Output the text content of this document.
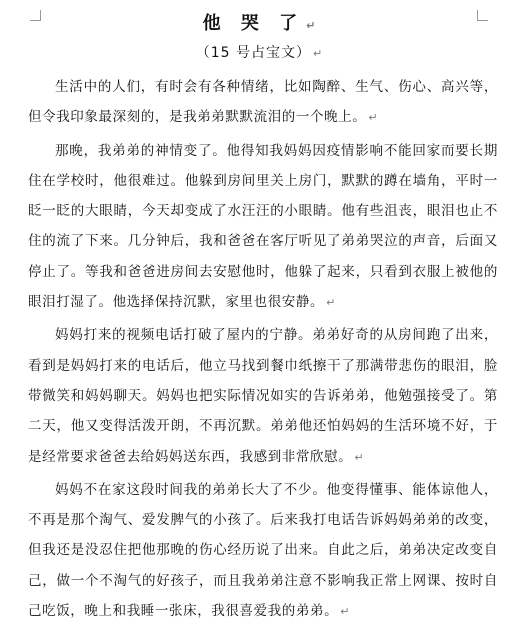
他 哭 了 ↵
（15 号占宝文） ↵

生活中的人们，有时会有各种情绪，比如陶醉、生气、伤心、高兴等，但令我印象最深刻的，是我弟弟默默流泪的一个晚上。 ↵

那晚，我弟弟的神情变了。他得知我妈妈因疫情影响不能回家而要长期住在学校时，他很难过。他躲到房间里关上房门，默默的蹲在墙角，平时一眨一眨的大眼睛，今天却变成了水汪汪的小眼睛。他有些沮丧，眼泪也止不住的流了下来。几分钟后，我和爸爸在客厅听见了弟弟哭泣的声音，后面又停止了。等我和爸爸进房间去安慰他时，他躲了起来，只看到衣服上被他的眼泪打湿了。他选择保持沉默，家里也很安静。 ↵

妈妈打来的视频电话打破了屋内的宁静。弟弟好奇的从房间跑了出来，看到是妈妈打来的电话后，他立马找到餐巾纸擦干了那满带悲伤的眼泪，脸带微笑和妈妈聊天。妈妈也把实际情况如实的告诉弟弟，他勉强接受了。第二天，他又变得活泼开朗，不再沉默。弟弟他还怕妈妈的生活环境不好，于是经常要求爸爸去给妈妈送东西，我感到非常欣慰。 ↵

妈妈不在家这段时间我的弟弟长大了不少。他变得懂事、能体谅他人，不再是那个淘气、爱发脾气的小孩了。后来我打电话告诉妈妈弟弟的改变，但我还是没忍住把他那晚的伤心经历说了出来。自此之后，弟弟决定改变自己，做一个不淘气的好孩子，而且我弟弟注意不影响我正常上网课、按时自己吃饭，晚上和我睡一张床，我很喜爱我的弟弟。 ↵
